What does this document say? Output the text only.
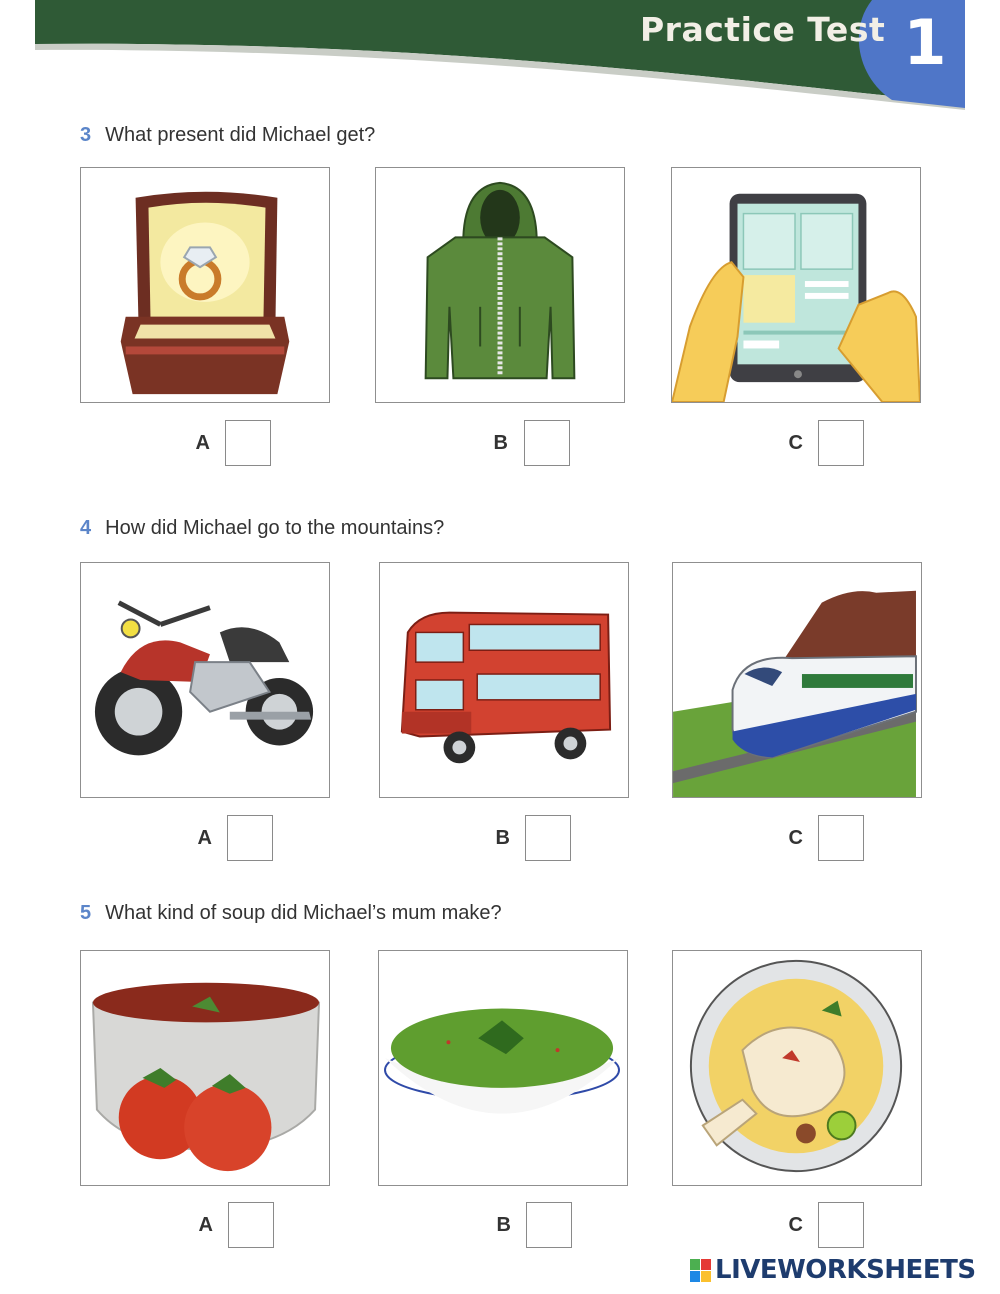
Practice Test 1
3 What present did Michael get?
A	B	C
4 How did Michael go to the mountains?
A	B	C
5 What kind of soup did Michael’s mum make?
A	B	C
LIVEWORKSHEETS
